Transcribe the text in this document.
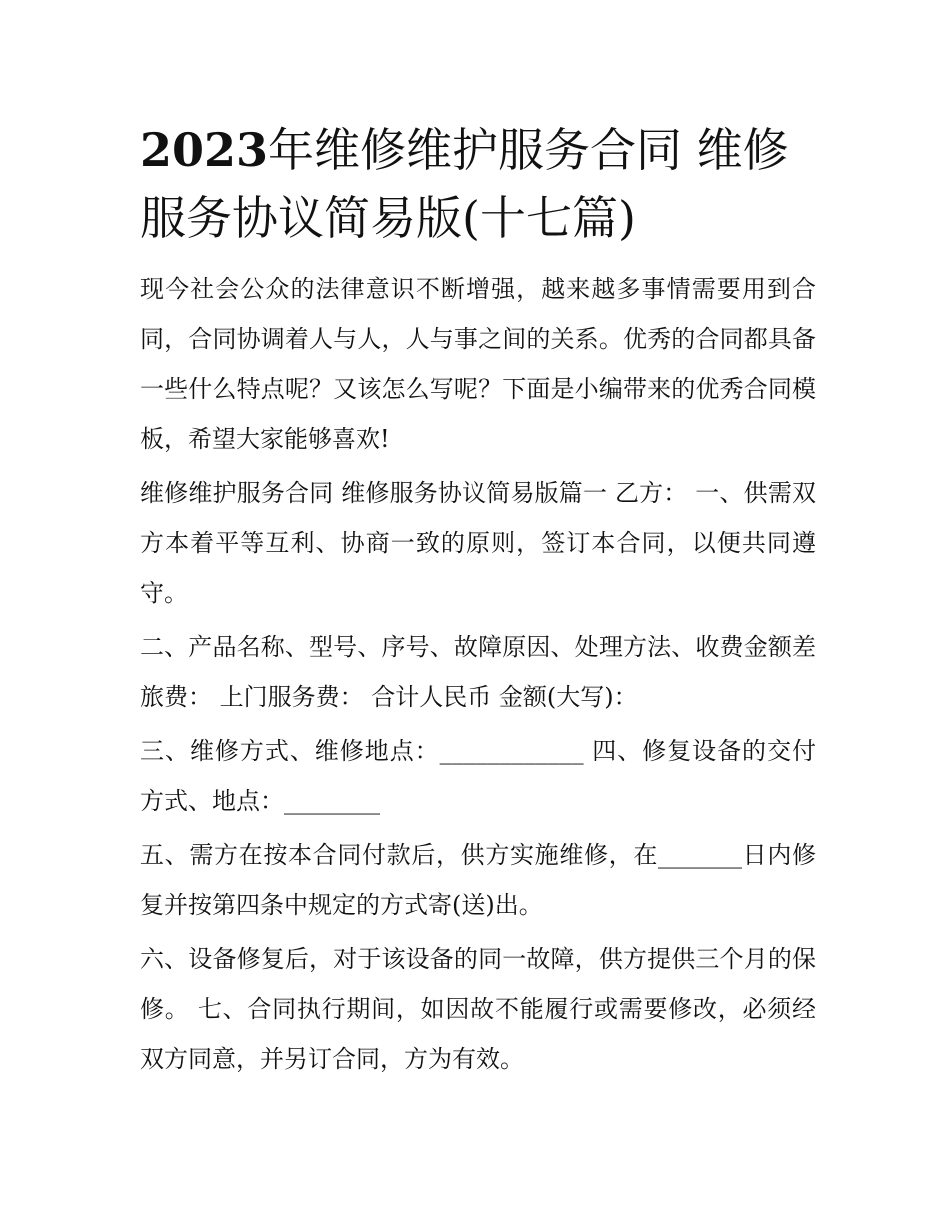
2023年维修维护服务合同 维修服务协议简易版(十七篇)

现今社会公众的法律意识不断增强，越来越多事情需要用到合同，合同协调着人与人，人与事之间的关系。优秀的合同都具备一些什么特点呢？又该怎么写呢？下面是小编带来的优秀合同模板，希望大家能够喜欢!

维修维护服务合同 维修服务协议简易版篇一 乙方： 一、供需双方本着平等互利、协商一致的原则，签订本合同，以便共同遵守。

二、产品名称、型号、序号、故障原因、处理方法、收费金额差旅费： 上门服务费： 合计人民币 金额(大写)：

三、维修方式、维修地点：____________ 四、修复设备的交付方式、地点：________

五、需方在按本合同付款后，供方实施维修，在_______日内修复并按第四条中规定的方式寄(送)出。

六、设备修复后，对于该设备的同一故障，供方提供三个月的保修。 七、合同执行期间，如因故不能履行或需要修改，必须经双方同意，并另订合同，方为有效。
